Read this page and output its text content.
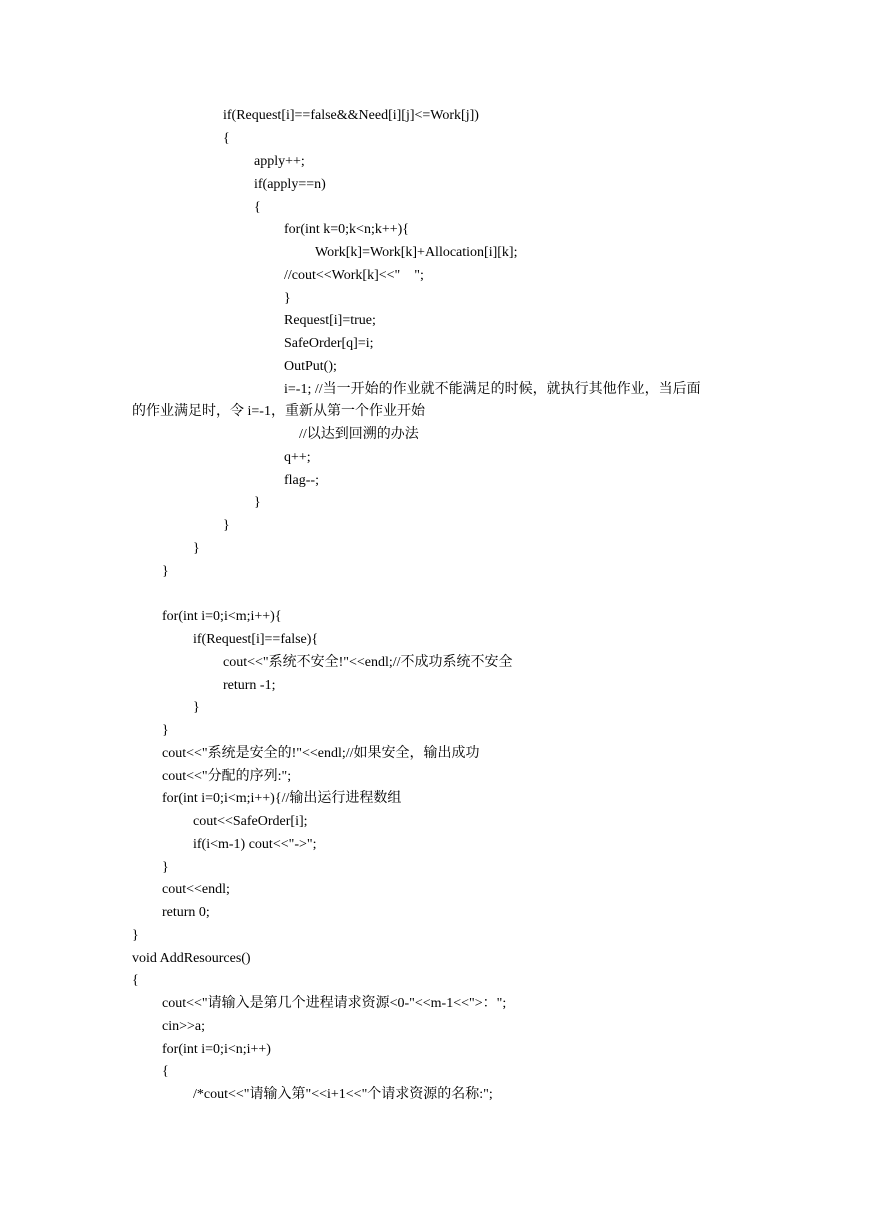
if(Request[i]==false&&Need[i][j]<=Work[j])
{
apply++;
if(apply==n)
{
for(int k=0;k<n;k++){
Work[k]=Work[k]+Allocation[i][k];
//cout<<Work[k]<<"    ";
}
Request[i]=true;
SafeOrder[q]=i;
OutPut();
i=-1; //当一开始的作业就不能满足的时候，就执行其他作业，当后面
的作业满足时，令 i=-1，重新从第一个作业开始
//以达到回溯的办法
q++;
flag--;
}
}
}
}
for(int i=0;i<m;i++){
if(Request[i]==false){
cout<<"系统不安全!"<<endl;//不成功系统不安全
return -1;
}
}
cout<<"系统是安全的!"<<endl;//如果安全，输出成功
cout<<"分配的序列:";
for(int i=0;i<m;i++){//输出运行进程数组
cout<<SafeOrder[i];
if(i<m-1) cout<<"->";
}
cout<<endl;
return 0;
}
void AddResources()
{
cout<<"请输入是第几个进程请求资源<0-"<<m-1<<">：";
cin>>a;
for(int i=0;i<n;i++)
{
/*cout<<"请输入第"<<i+1<<"个请求资源的名称:";
